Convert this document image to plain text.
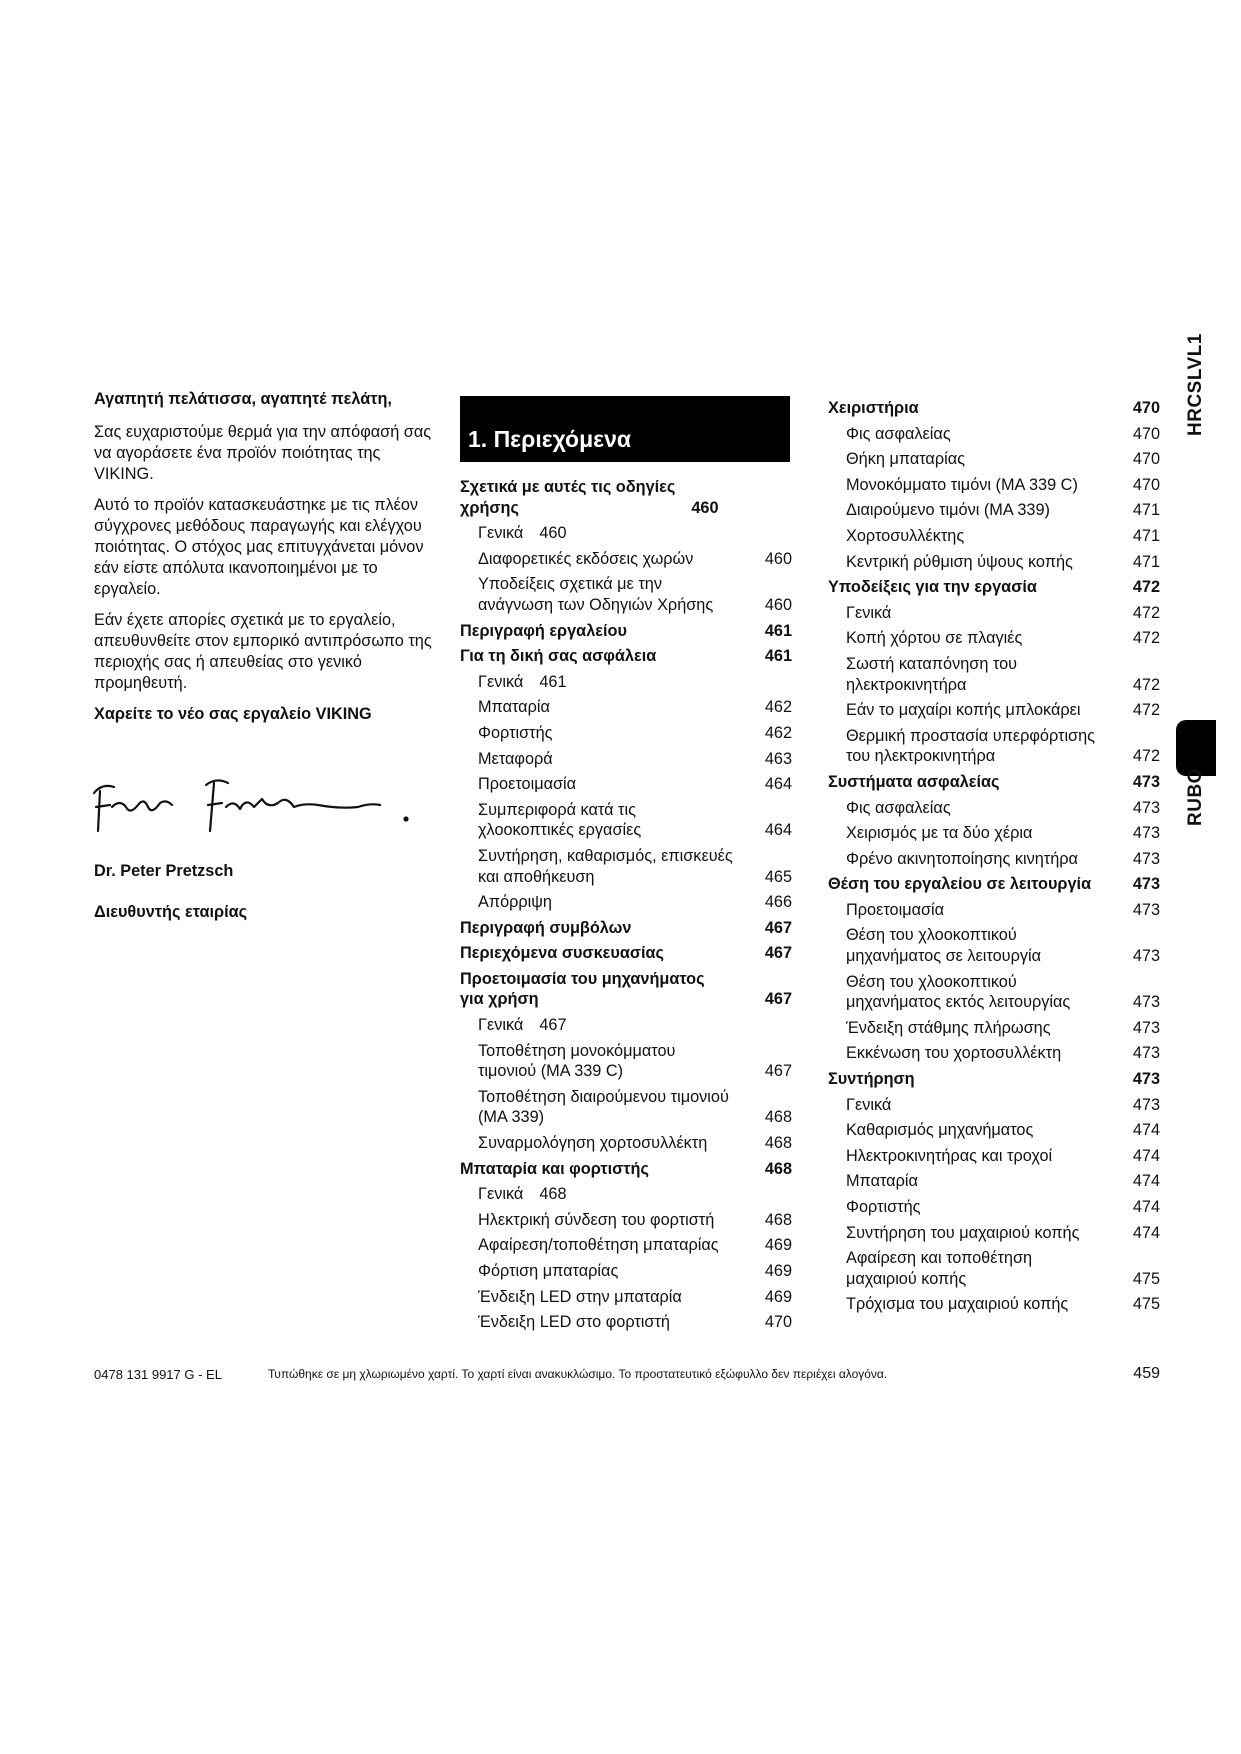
Αγαπητή πελάτισσα, αγαπητέ πελάτη,

Σας ευχαριστούμε θερμά για την απόφασή σας να αγοράσετε ένα προϊόν ποιότητας της VIKING.

Αυτό το προϊόν κατασκευάστηκε με τις πλέον σύγχρονες μεθόδους παραγωγής και ελέγχου ποιότητας. Ο στόχος μας επιτυγχάνεται μόνον εάν είστε απόλυτα ικανοποιημένοι με το εργαλείο.

Εάν έχετε απορίες σχετικά με το εργαλείο, απευθυνθείτε στον εμπορικό αντιπρόσωπο της περιοχής σας ή απευθείας στο γενικό προμηθευτή.

Χαρείτε το νέο σας εργαλείο VIKING

Dr. Peter Pretzsch

Διευθυντής εταιρίας

1. Περιεχόμενα
Σχετικά με αυτές τις οδηγίες
χρήσης	460
Γενικά 460
Διαφορετικές εκδόσεις χωρών	460
Υποδείξεις σχετικά με την
ανάγνωση των Οδηγιών Χρήσης	460
Περιγραφή εργαλείου	461
Για τη δική σας ασφάλεια	461
Γενικά 461
Μπαταρία	462
Φορτιστής	462
Μεταφορά	463
Προετοιμασία	464
Συμπεριφορά κατά τις
χλοοκοπτικές εργασίες	464
Συντήρηση, καθαρισμός, επισκευές
και αποθήκευση	465
Απόρριψη	466
Περιγραφή συμβόλων	467
Περιεχόμενα συσκευασίας	467
Προετοιμασία του μηχανήματος
για χρήση	467
Γενικά 467
Τοποθέτηση μονοκόμματου
τιμονιού (MA 339 C)	467
Τοποθέτηση διαιρούμενου τιμονιού
(MA 339)	468
Συναρμολόγηση χορτοσυλλέκτη	468
Μπαταρία και φορτιστής	468
Γενικά 468
Ηλεκτρική σύνδεση του φορτιστή	468
Αφαίρεση/τοποθέτηση μπαταρίας	469
Φόρτιση μπαταρίας	469
Ένδειξη LED στην μπαταρία	469
Ένδειξη LED στο φορτιστή	470
Χειριστήρια	470
Φις ασφαλείας	470
Θήκη μπαταρίας	470
Μονοκόμματο τιμόνι (MA 339 C)	470
Διαιρούμενο τιμόνι (MA 339)	471
Χορτοσυλλέκτης	471
Κεντρική ρύθμιση ύψους κοπής	471
Υποδείξεις για την εργασία	472
Γενικά	472
Κοπή χόρτου σε πλαγιές	472
Σωστή καταπόνηση του
ηλεκτροκινητήρα	472
Εάν το μαχαίρι κοπής μπλοκάρει	472
Θερμική προστασία υπερφόρτισης
του ηλεκτροκινητήρα	472
Συστήματα ασφαλείας	473
Φις ασφαλείας	473
Χειρισμός με τα δύο χέρια	473
Φρένο ακινητοποίησης κινητήρα	473
Θέση του εργαλείου σε λειτουργία	473
Προετοιμασία	473
Θέση του χλοοκοπτικού
μηχανήματος σε λειτουργία	473
Θέση του χλοοκοπτικού
μηχανήματος εκτός λειτουργίας	473
Ένδειξη στάθμης πλήρωσης	473
Εκκένωση του χορτοσυλλέκτη	473
Συντήρηση	473
Γενικά	473
Καθαρισμός μηχανήματος	474
Ηλεκτροκινητήρας και τροχοί	474
Μπαταρία	474
Φορτιστής	474
Συντήρηση του μαχαιριού κοπής	474
Αφαίρεση και τοποθέτηση
μαχαιριού κοπής	475
Τρόχισμα του μαχαιριού κοπής	475
HRCSLVL1
RUBO
0478 131 9917 G - EL	Τυπώθηκε σε μη χλωριωμένο χαρτί. Το χαρτί είναι ανακυκλώσιμο. Το προστατευτικό εξώφυλλο δεν περιέχει αλογόνα.	459
